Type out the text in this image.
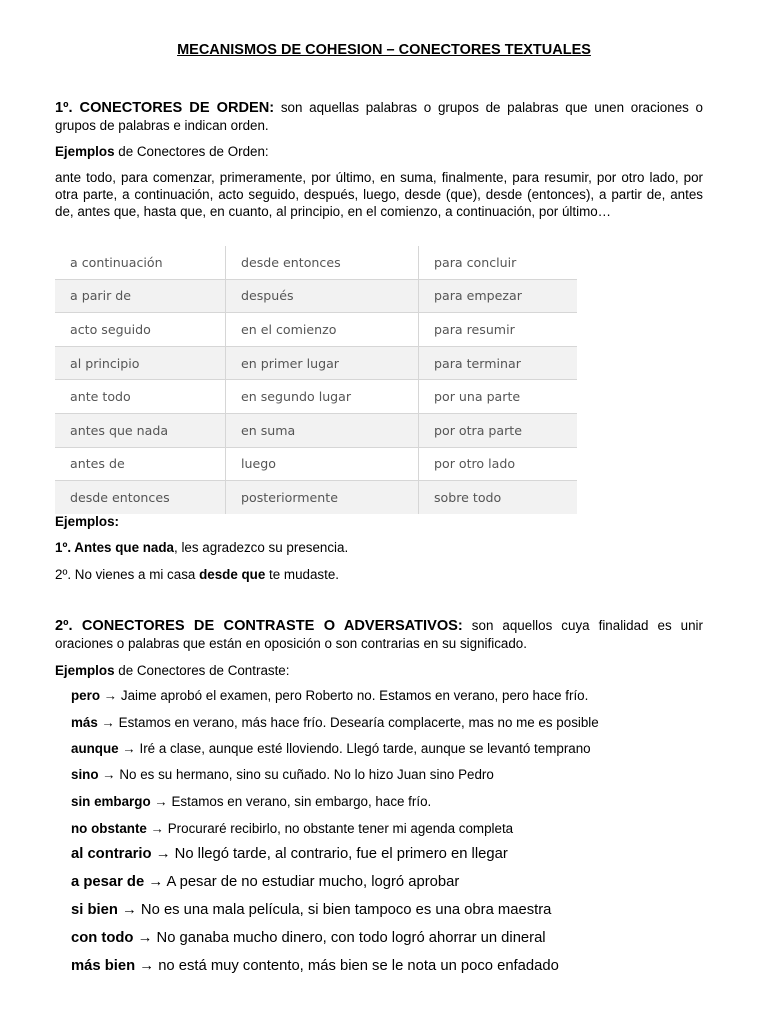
MECANISMOS DE COHESION – CONECTORES TEXTUALES
1º. CONECTORES DE ORDEN: son aquellas palabras o grupos de palabras que unen oraciones o grupos de palabras e indican orden.
Ejemplos de Conectores de Orden:
ante todo, para comenzar, primeramente, por último, en suma, finalmente, para resumir, por otro lado, por otra parte, a continuación, acto seguido, después, luego, desde (que), desde (entonces), a partir de, antes de, antes que, hasta que, en cuanto, al principio, en el comienzo, a continuación, por último…
a continuación	desde entonces	para concluir
a parir de	después	para empezar
acto seguido	en el comienzo	para resumir
al principio	en primer lugar	para terminar
ante todo	en segundo lugar	por una parte
antes que nada	en suma	por otra parte
antes de	luego	por otro lado
desde entonces	posteriormente	sobre todo
Ejemplos:
1º. Antes que nada, les agradezco su presencia.
2º. No vienes a mi casa desde que te mudaste.
2º. CONECTORES DE CONTRASTE O ADVERSATIVOS: son aquellos cuya finalidad es unir oraciones o palabras que están en oposición o son contrarias en su significado.
Ejemplos de Conectores de Contraste:
pero → Jaime aprobó el examen, pero Roberto no. Estamos en verano, pero hace frío.
más → Estamos en verano, más hace frío. Desearía complacerte, mas no me es posible
aunque → Iré a clase, aunque esté lloviendo. Llegó tarde, aunque se levantó temprano
sino → No es su hermano, sino su cuñado. No lo hizo Juan sino Pedro
sin embargo → Estamos en verano, sin embargo, hace frío.
no obstante → Procuraré recibirlo, no obstante tener mi agenda completa
al contrario → No llegó tarde, al contrario, fue el primero en llegar
a pesar de → A pesar de no estudiar mucho, logró aprobar
si bien → No es una mala película, si bien tampoco es una obra maestra
con todo → No ganaba mucho dinero, con todo logró ahorrar un dineral
más bien → no está muy contento, más bien se le nota un poco enfadado
